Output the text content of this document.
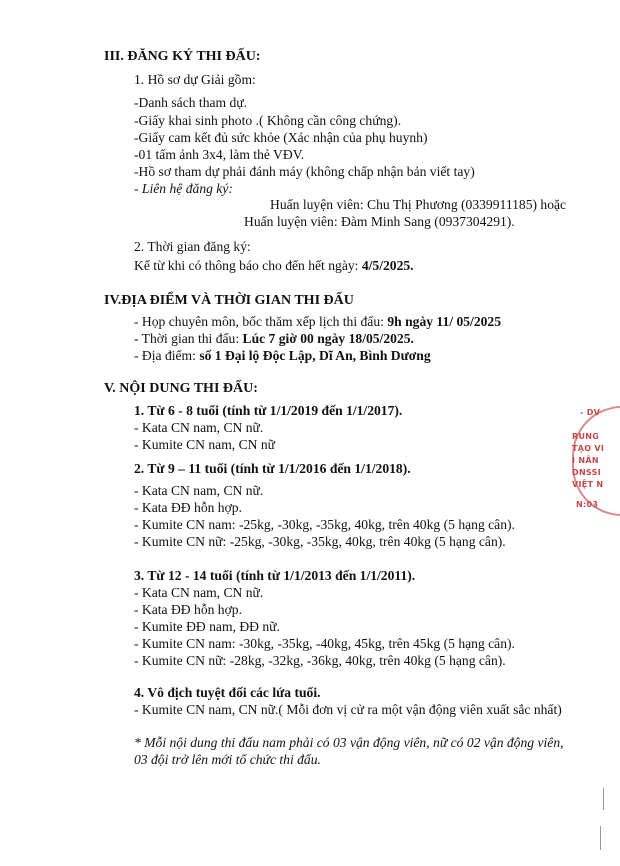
III. ĐĂNG KÝ THI ĐẤU:
1. Hồ sơ dự Giải gồm:
-Danh sách tham dự.
-Giấy khai sinh photo .( Không cần công chứng).
-Giấy cam kết đủ sức khỏe (Xác nhận của phụ huynh)
-01 tấm ảnh 3x4, làm thẻ VĐV.
-Hồ sơ tham dự phải đánh máy (không chấp nhận bản viết tay)
- Liên hệ đăng ký:
Huấn luyện viên: Chu Thị Phương (0339911185) hoặc
Huấn luyện viên: Đàm Minh Sang (0937304291).
2. Thời gian đăng ký:
Kể từ khi có thông báo cho đến hết ngày: 4/5/2025.
IV.ĐỊA ĐIỂM VÀ THỜI GIAN THI ĐẤU
- Họp chuyên môn, bốc thăm xếp lịch thi đấu: 9h ngày 11/ 05/2025
- Thời gian thi đấu: Lúc 7 giờ 00 ngày 18/05/2025.
- Địa điểm: số 1 Đại lộ Độc Lập, Dĩ An, Bình Dương
V. NỘI DUNG THI ĐẤU:
1. Từ 6 - 8 tuổi (tính từ 1/1/2019 đến 1/1/2017).
- Kata CN nam, CN nữ.
- Kumite CN nam, CN nữ
2. Từ 9 – 11 tuổi (tính từ 1/1/2016 đến 1/1/2018).
- Kata CN nam, CN nữ.
- Kata ĐĐ hỗn hợp.
- Kumite CN nam: -25kg, -30kg, -35kg, 40kg, trên 40kg (5 hạng cân).
- Kumite CN nữ: -25kg, -30kg, -35kg, 40kg, trên 40kg (5 hạng cân).
3. Từ 12 - 14 tuổi (tính từ 1/1/2013 đến 1/1/2011).
- Kata CN nam, CN nữ.
- Kata ĐĐ hỗn hợp.
- Kumite ĐĐ nam, ĐĐ nữ.
- Kumite CN nam: -30kg, -35kg, -40kg, 45kg, trên 45kg (5 hạng cân).
- Kumite CN nữ: -28kg, -32kg, -36kg, 40kg, trên 40kg (5 hạng cân).
4. Vô địch tuyệt đối các lứa tuổi.
- Kumite CN nam, CN nữ.( Mỗi đơn vị cử ra một vận động viên xuất sắc nhất)
* Mỗi nội dung thi đấu nam phải có 03 vận động viên, nữ có 02 vận động viên,
03 đội trở lên mới tổ chức thi đấu.
- DV
RUNG
TẠO VI
I NÂN
DNSSI
VIỆT N
N:03
